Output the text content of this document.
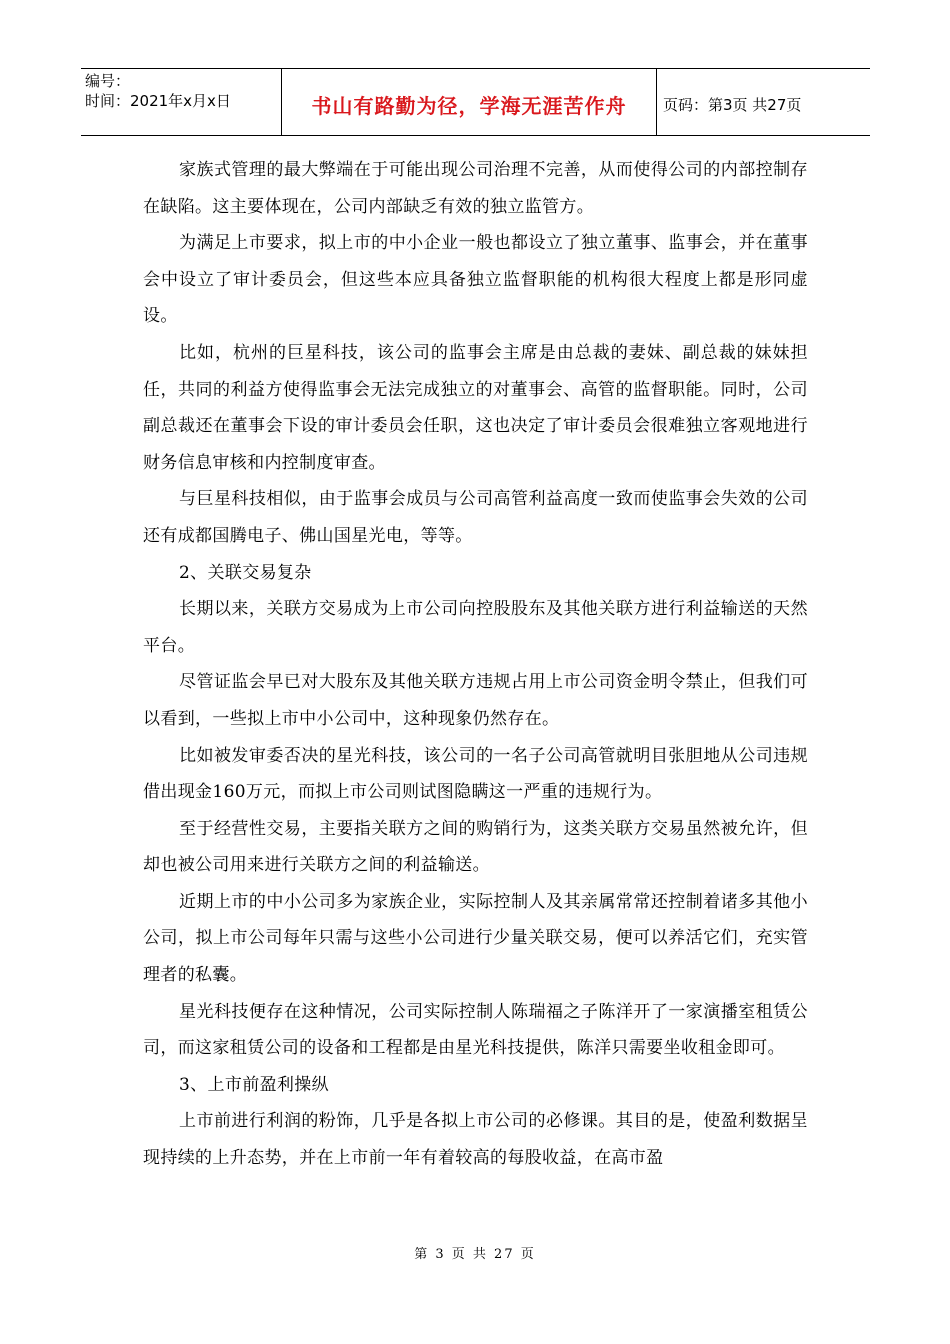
编号：
时间：2021年x月x日	书山有路勤为径，学海无涯苦作舟 页码：第3页 共27页

家族式管理的最大弊端在于可能出现公司治理不完善，从而使得公司的内部控制存在缺陷。这主要体现在，公司内部缺乏有效的独立监管方。

为满足上市要求，拟上市的中小企业一般也都设立了独立董事、监事会，并在董事会中设立了审计委员会，但这些本应具备独立监督职能的机构很大程度上都是形同虚设。

比如，杭州的巨星科技，该公司的监事会主席是由总裁的妻妹、副总裁的妹妹担任，共同的利益方使得监事会无法完成独立的对董事会、高管的监督职能。同时，公司副总裁还在董事会下设的审计委员会任职，这也决定了审计委员会很难独立客观地进行财务信息审核和内控制度审查。

与巨星科技相似，由于监事会成员与公司高管利益高度一致而使监事会失效的公司还有成都国腾电子、佛山国星光电，等等。

2、关联交易复杂

长期以来，关联方交易成为上市公司向控股股东及其他关联方进行利益输送的天然平台。

尽管证监会早已对大股东及其他关联方违规占用上市公司资金明令禁止，但我们可以看到，一些拟上市中小公司中，这种现象仍然存在。

比如被发审委否决的星光科技，该公司的一名子公司高管就明目张胆地从公司违规借出现金160万元，而拟上市公司则试图隐瞒这一严重的违规行为。

至于经营性交易，主要指关联方之间的购销行为，这类关联方交易虽然被允许，但却也被公司用来进行关联方之间的利益输送。

近期上市的中小公司多为家族企业，实际控制人及其亲属常常还控制着诸多其他小公司，拟上市公司每年只需与这些小公司进行少量关联交易，便可以养活它们，充实管理者的私囊。

星光科技便存在这种情况，公司实际控制人陈瑞福之子陈洋开了一家演播室租赁公司，而这家租赁公司的设备和工程都是由星光科技提供，陈洋只需要坐收租金即可。

3、上市前盈利操纵

上市前进行利润的粉饰，几乎是各拟上市公司的必修课。其目的是，使盈利数据呈现持续的上升态势，并在上市前一年有着较高的每股收益，在高市盈

第 3 页 共 27 页
